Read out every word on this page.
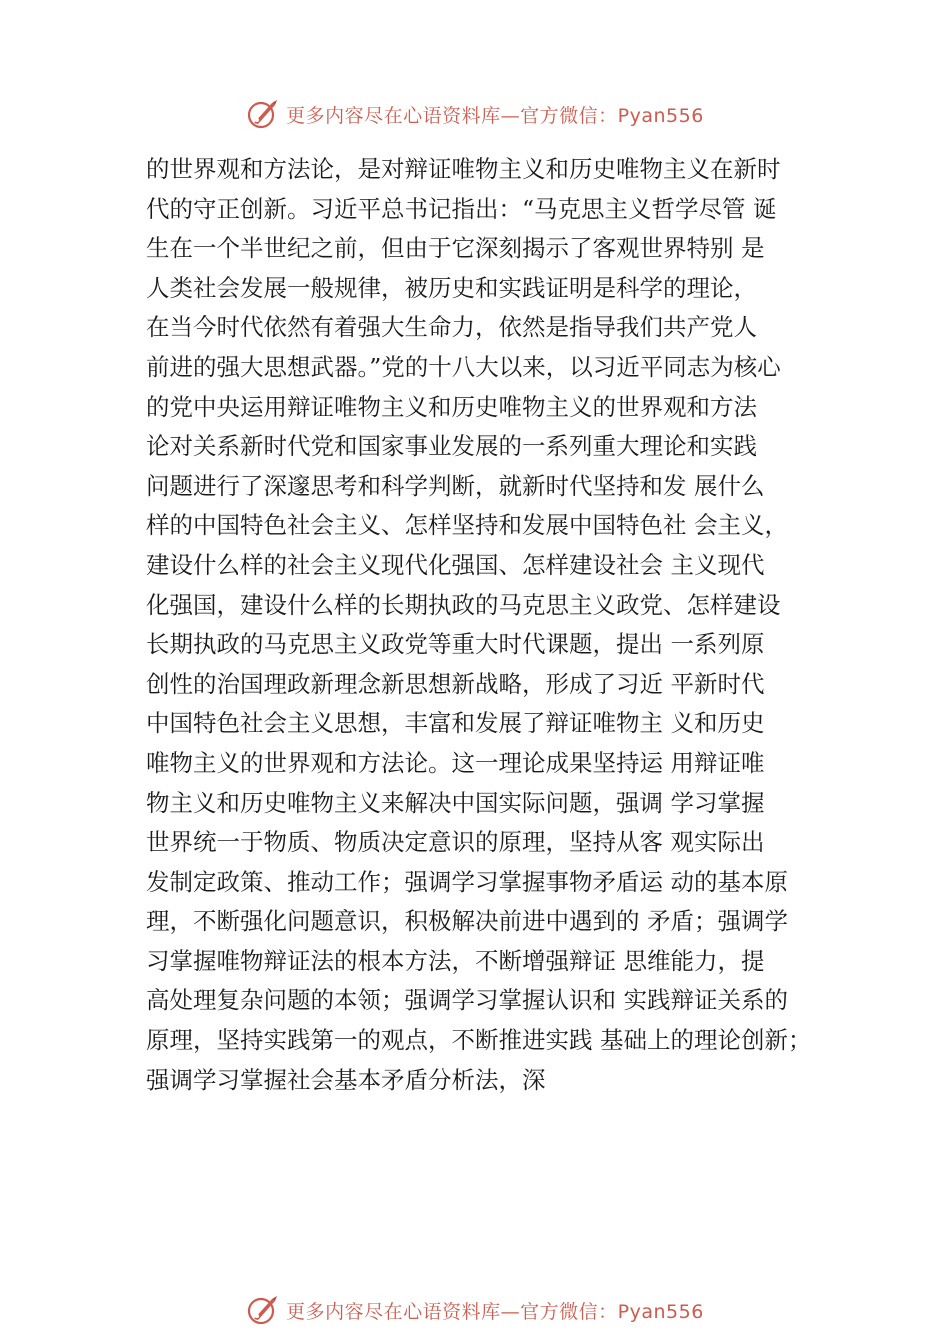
更多内容尽在心语资料库—官方微信：Pyan556
的世界观和方法论，是对辩证唯物主义和历史唯物主义在新时
代的守正创新。习近平总书记指出：“马克思主义哲学尽管 诞
生在一个半世纪之前，但由于它深刻揭示了客观世界特别 是
人类社会发展一般规律，被历史和实践证明是科学的理论，
在当今时代依然有着强大生命力，依然是指导我们共产党人
前进的强大思想武器。”党的十八大以来，以习近平同志为核心
的党中央运用辩证唯物主义和历史唯物主义的世界观和方法
论对关系新时代党和国家事业发展的一系列重大理论和实践
问题进行了深邃思考和科学判断，就新时代坚持和发 展什么
样的中国特色社会主义、怎样坚持和发展中国特色社 会主义，
建设什么样的社会主义现代化强国、怎样建设社会 主义现代
化强国，建设什么样的长期执政的马克思主义政党、怎样建设
长期执政的马克思主义政党等重大时代课题，提出 一系列原
创性的治国理政新理念新思想新战略，形成了习近 平新时代
中国特色社会主义思想，丰富和发展了辩证唯物主 义和历史
唯物主义的世界观和方法论。这一理论成果坚持运 用辩证唯
物主义和历史唯物主义来解决中国实际问题，强调 学习掌握
世界统一于物质、物质决定意识的原理，坚持从客 观实际出
发制定政策、推动工作；强调学习掌握事物矛盾运 动的基本原
理，不断强化问题意识，积极解决前进中遇到的 矛盾；强调学
习掌握唯物辩证法的根本方法，不断增强辩证 思维能力，提
高处理复杂问题的本领；强调学习掌握认识和 实践辩证关系的
原理，坚持实践第一的观点，不断推进实践 基础上的理论创新；
强调学习掌握社会基本矛盾分析法，深
更多内容尽在心语资料库—官方微信：Pyan556
